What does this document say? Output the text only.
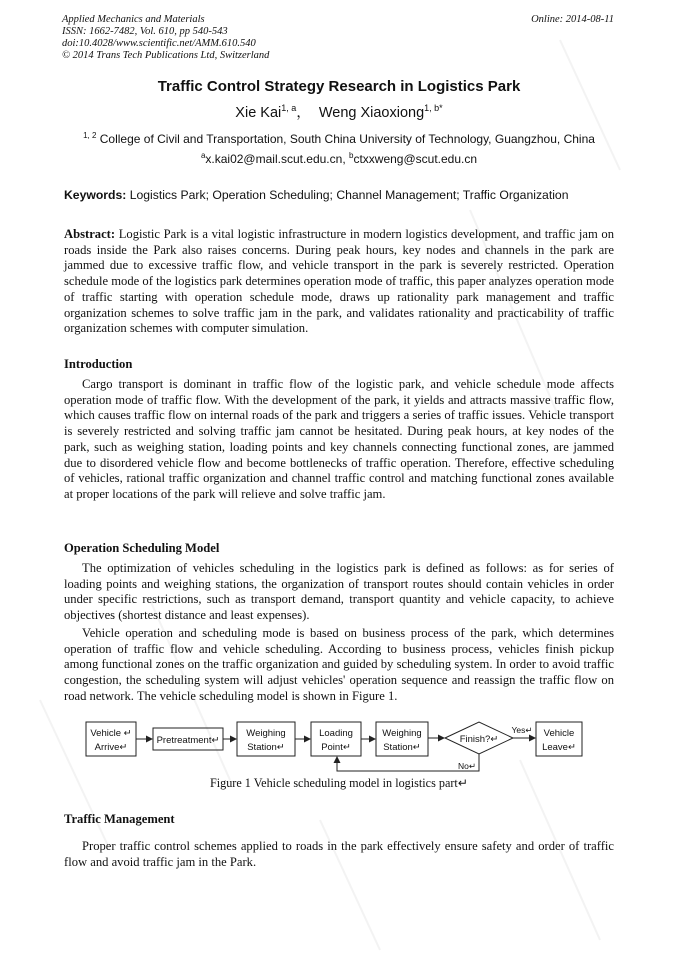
Applied Mechanics and Materials
ISSN: 1662-7482, Vol. 610, pp 540-543
doi:10.4028/www.scientific.net/AMM.610.540
© 2014 Trans Tech Publications Ltd, Switzerland
Online: 2014-08-11
Traffic Control Strategy Research in Logistics Park
Xie Kai$^{1, a}$， Weng Xiaoxiong$^{1, b*}$
$^{1, 2}$ College of Civil and Transportation, South China University of Technology, Guangzhou, China
$^a$x.kai02@mail.scut.edu.cn, $^b$ctxxweng@scut.edu.cn
Keywords: Logistics Park; Operation Scheduling; Channel Management; Traffic Organization

Abstract: Logistic Park is a vital logistic infrastructure in modern logistics development, and traffic jam on roads inside the Park also raises concerns. During peak hours, key nodes and channels in the park are jammed due to excessive traffic flow, and vehicle transport in the park is severely restricted. Operation schedule mode of the logistics park determines operation mode of traffic, this paper analyzes operation mode of traffic starting with operation schedule mode, draws up rationality park management and traffic organization schemes to solve traffic jam in the park, and validates rationality and practicability of traffic organization schemes with computer simulation.

Introduction

Cargo transport is dominant in traffic flow of the logistic park, and vehicle schedule mode affects operation mode of traffic flow. With the development of the park, it yields and attracts massive traffic flow, which causes traffic flow on internal roads of the park and triggers a series of traffic issues. Vehicle transport is severely restricted and solving traffic jam cannot be hesitated. During peak hours, at key nodes of the park, such as weighing station, loading points and key channels connecting functional zones, are jammed due to disordered vehicle flow and become bottlenecks of traffic operation. Therefore, effective scheduling of vehicles, rational traffic organization and channel traffic control and matching functional zones available at proper locations of the park will relieve and solve traffic jam.

Operation Scheduling Model

The optimization of vehicles scheduling in the logistics park is defined as follows: as for series of loading points and weighing stations, the organization of transport routes should contain vehicles in order under specific restrictions, such as transport demand, transport quantity and vehicle capacity, to achieve objectives (shortest distance and least expenses).

Vehicle operation and scheduling mode is based on business process of the park, which determines operation of traffic flow and vehicle scheduling. According to business process, vehicles finish pickup among functional zones on the traffic organization and guided by scheduling system. In order to avoid traffic congestion, the scheduling system will adjust vehicles' operation sequence and reassign the traffic flow on road network. The vehicle scheduling model is shown in Figure 1.

Vehicle ↵
Arrive↵
Pretreatment↵
Weighing
Station↵
Loading
Point↵
Weighing
Station↵
Finish?↵
Yes↵
No↵
Vehicle
Leave↵
Figure 1 Vehicle scheduling model in logistics part↵
Traffic Management

Proper traffic control schemes applied to roads in the park effectively ensure safety and order of traffic flow and avoid traffic jam in the Park.
